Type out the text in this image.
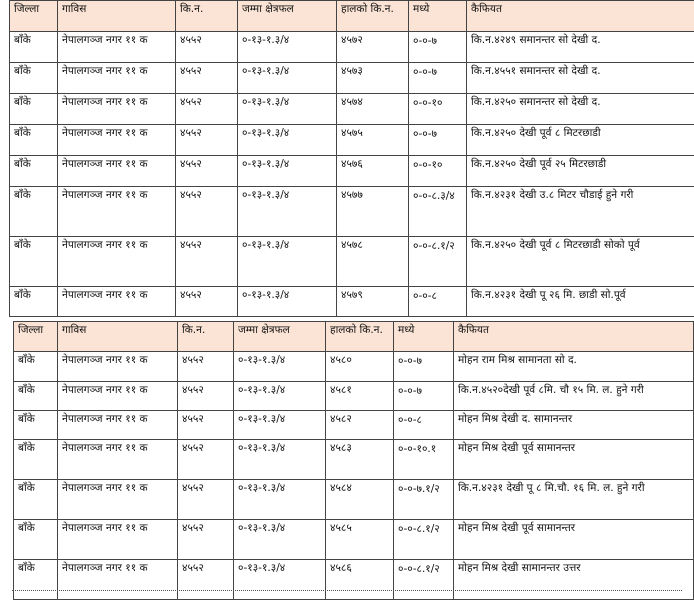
जिल्ला	गाविस	कि.न.	जम्मा क्षेत्रफल	हालको कि.न.	मध्ये	कैफियत
बाँके	नेपालगञ्ज नगर ११ क	४५५२	०-१३-१.३/४	४५७२	०-०-७	कि.न.४२४९ समानन्तर सो देखी द.
बाँके	नेपालगञ्ज नगर ११ क	४५५२	०-१३-१.३/४	४५७३	०-०-७	कि.न.४५५१ समानन्तर सो देखी द.
बाँके	नेपालगञ्ज नगर ११ क	४५५२	०-१३-१.३/४	४५७४	०-०-१०	कि.न.४२५० समानन्तर सो देखी द.
बाँके	नेपालगञ्ज नगर ११ क	४५५२	०-१३-१.३/४	४५७५	०-०-७	कि.न.४२५० देखी पूर्व ८ मिटरछाडी
बाँके	नेपालगञ्ज नगर ११ क	४५५२	०-१३-१.३/४	४५७६	०-०-१०	कि.न.४२५० देखी पूर्व २५ मिटरछाडी
बाँके	नेपालगञ्ज नगर ११ क	४५५२	०-१३-१.३/४	४५७७	०-०-८.३/४	कि.न.४२३१ देखी उ.८ मिटर चौडाई हुने गरी
बाँके	नेपालगञ्ज नगर ११ क	४५५२	०-१३-१.३/४	४५७८	०-०-८.१/२	कि.न.४२५० देखी पूर्व ८ मिटरछाडी सोको पूर्व
बाँके	नेपालगञ्ज नगर ११ क	४५५२	०-१३-१.३/४	४५७९	०-०-८	कि.न.४२३१ देखी पू २६ मि. छाडी सो.पूर्व
जिल्ला	गाविस	कि.न.	जम्मा क्षेत्रफल	हालको कि.न.	मध्ये	कैफियत
बाँके	नेपालगञ्ज नगर ११ क	४५५२	०-१३-१.३/४	४५८०	०-०-७	मोहन राम मिश्र सामानता सो द.
बाँके	नेपालगञ्ज नगर ११ क	४५५२	०-१३-१.३/४	४५८१	०-०-७	कि.न.४५२०देखी पूर्व ८मि. चौ १५ मि. ल. हुने गरी
बाँके	नेपालगञ्ज नगर ११ क	४५५२	०-१३-१.३/४	४५८२	०-०-८	मोहन मिश्र देखी द. सामानन्तर
बाँके	नेपालगञ्ज नगर ११ क	४५५२	०-१३-१.३/४	४५८३	०-०-१०.१	मोहन मिश्र देखी पूर्व सामानन्तर
बाँके	नेपालगञ्ज नगर ११ क	४५५२	०-१३-१.३/४	४५८४	०-०-७.१/२	कि.न.४२३१ देखी पू ८ मि.चौ. १६ मि. ल. हुने गरी
बाँके	नेपालगञ्ज नगर ११ क	४५५२	०-१३-१.३/४	४५८५	०-०-८.१/२	मोहन मिश्र देखी पूर्व सामानन्तर
बाँके	नेपालगञ्ज नगर ११ क	४५५२	०-१३-१.३/४	४५८६	०-०-८.१/२	मोहन मिश्र देखी सामानन्तर उत्तर
